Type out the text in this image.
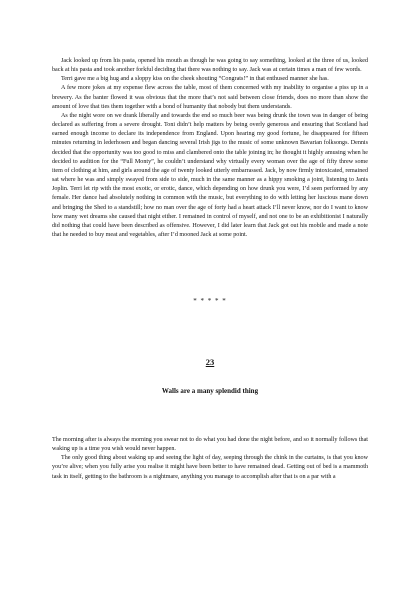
Jack looked up from his pasta, opened his mouth as though he was going to say something, looked at the three of us, looked back at his pasta and took another forkful deciding that there was nothing to say. Jack was at certain times a man of few words.

Terri gave me a big hug and a sloppy kiss on the cheek shouting “Congrats!” in that enthused manner she has.

A few more jokes at my expense flew across the table, most of them concerned with my inability to organise a piss up in a brewery. As the banter flowed it was obvious that the more that’s not said between close friends, does no more than show the amount of love that ties them together with a bond of humanity that nobody but them understands.

As the night wore on we drank liberally and towards the end so much beer was being drunk the town was in danger of being declared as suffering from a severe drought. Toni didn’t help matters by being overly generous and ensuring that Scotland had earned enough income to declare its independence from England. Upon hearing my good fortune, he disappeared for fifteen minutes returning in lederhosen and began dancing several Irish jigs to the music of some unknown Bavarian folksongs. Dennis decided that the opportunity was too good to miss and clambered onto the table joining in; he thought it highly amusing when he decided to audition for the “Full Monty”, he couldn’t understand why virtually every woman over the age of fifty threw some item of clothing at him, and girls around the age of twenty looked utterly embarrassed. Jack, by now firmly intoxicated, remained sat where he was and simply swayed from side to side, much in the same manner as a hippy smoking a joint, listening to Janis Joplin. Terri let rip with the most exotic, or erotic, dance, which depending on how drunk you were, I’d seen performed by any female. Her dance had absolutely nothing in common with the music, but everything to do with letting her luscious mane down and bringing the Shed to a standstill; how no man over the age of forty had a heart attack I’ll never know, nor do I want to know how many wet dreams she caused that night either. I remained in control of myself, and not one to be an exhibitionist I naturally did nothing that could have been described as offensive. However, I did later learn that Jack got out his mobile and made a note that he needed to buy meat and vegetables, after I’d mooned Jack at some point.

* * * * *
23
Walls are a many splendid thing

The morning after is always the morning you swear not to do what you had done the night before, and so it normally follows that waking up is a time you wish would never happen.

The only good thing about waking up and seeing the light of day, seeping through the chink in the curtains, is that you know you’re alive; when you fully arise you realise it might have been better to have remained dead. Getting out of bed is a mammoth task in itself, getting to the bathroom is a nightmare, anything you manage to accomplish after that is on a par with a
